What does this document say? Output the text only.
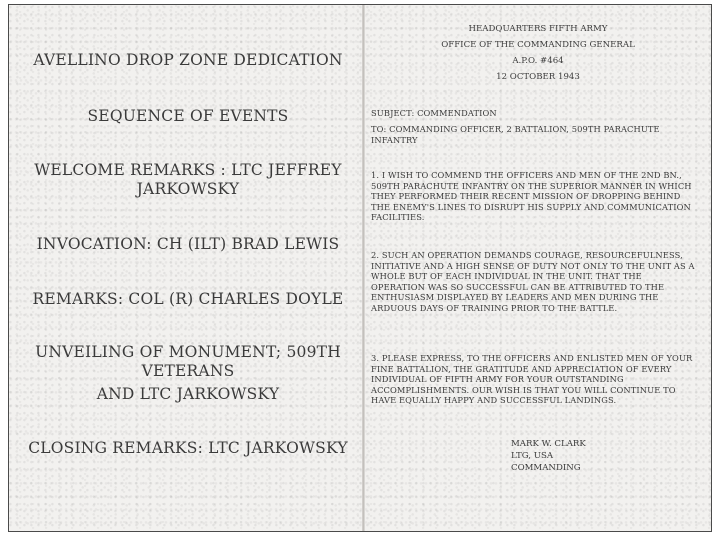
AVELLINO DROP ZONE DEDICATION

SEQUENCE OF EVENTS

WELCOME REMARKS : LTC JEFFREY JARKOWSKY

INVOCATION: CH (ILT) BRAD LEWIS

REMARKS: COL (R) CHARLES DOYLE

UNVEILING OF MONUMENT; 509TH VETERANS

AND LTC JARKOWSKY

CLOSING REMARKS: LTC JARKOWSKY

HEADQUARTERS FIFTH ARMY

OFFICE OF THE COMMANDING GENERAL

A.P.O. #464

12 OCTOBER 1943

SUBJECT: COMMENDATION

TO: COMMANDING OFFICER, 2 BATTALION, 509TH PARACHUTE INFANTRY

1. I WISH TO COMMEND THE OFFICERS AND MEN OF THE 2ND BN., 509TH PARACHUTE INFANTRY ON THE SUPERIOR MANNER IN WHICH THEY PERFORMED THEIR RECENT MISSION OF DROPPING BEHIND THE ENEMY'S LINES TO DISRUPT HIS SUPPLY AND COMMUNICATION FACILITIES.

2. SUCH AN OPERATION DEMANDS COURAGE, RESOURCEFULNESS, INITIATIVE AND A HIGH SENSE OF DUTY NOT ONLY TO THE UNIT AS A WHOLE BUT OF EACH INDIVIDUAL IN THE UNIT. THAT THE OPERATION WAS SO SUCCESSFUL CAN BE ATTRIBUTED TO THE ENTHUSIASM DISPLAYED BY LEADERS AND MEN DURING THE ARDUOUS DAYS OF TRAINING PRIOR TO THE BATTLE.

3. PLEASE EXPRESS, TO THE OFFICERS AND ENLISTED MEN OF YOUR FINE BATTALION, THE GRATITUDE AND APPRECIATION OF EVERY INDIVIDUAL OF FIFTH ARMY FOR YOUR OUTSTANDING ACCOMPLISHMENTS. OUR WISH IS THAT YOU WILL CONTINUE TO HAVE EQUALLY HAPPY AND SUCCESSFUL LANDINGS.

MARK W. CLARK

LTG, USA

COMMANDING
